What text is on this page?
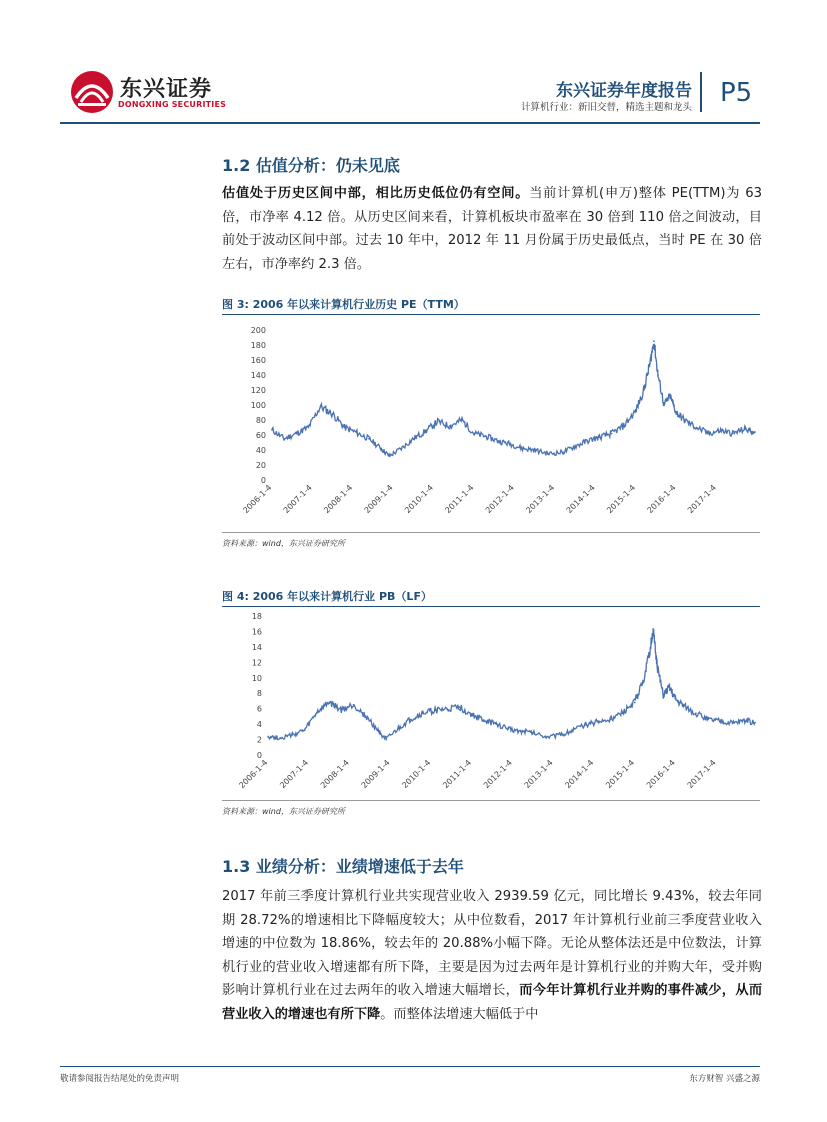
东兴证券
DONGXING SECURITIES
东兴证券年度报告
计算机行业：新旧交替，精选主题和龙头 P5
1.2 估值分析：仍未见底
估值处于历史区间中部，相比历史低位仍有空间。当前计算机(申万)整体 PE(TTM)为 63 倍，市净率 4.12 倍。从历史区间来看，计算机板块市盈率在 30 倍到 110 倍之间波动，目前处于波动区间中部。过去 10 年中，2012 年 11 月份属于历史最低点，当时 PE 在 30 倍左右，市净率约 2.3 倍。
图 3: 2006 年以来计算机行业历史 PE（TTM）
0
20
40
60
80
100
120
140
160
180
200
2006-1-4 2007-1-4 2008-1-4 2009-1-4 2010-1-4 2011-1-4 2012-1-4 2013-1-4 2014-1-4 2015-1-4 2016-1-4 2017-1-4
资料来源：wind，东兴证券研究所
图 4: 2006 年以来计算机行业 PB（LF）
0
2
4
6
8
10
12
14
16
18
2006-1-4 2007-1-4 2008-1-4 2009-1-4 2010-1-4 2011-1-4 2012-1-4 2013-1-4 2014-1-4 2015-1-4 2016-1-4 2017-1-4
资料来源：wind，东兴证券研究所
1.3 业绩分析：业绩增速低于去年
2017 年前三季度计算机行业共实现营业收入 2939.59 亿元，同比增长 9.43%，较去年同期 28.72%的增速相比下降幅度较大；从中位数看，2017 年计算机行业前三季度营业收入增速的中位数为 18.86%，较去年的 20.88%小幅下降。无论从整体法还是中位数法，计算机行业的营业收入增速都有所下降，主要是因为过去两年是计算机行业的并购大年，受并购影响计算机行业在过去两年的收入增速大幅增长，而今年计算机行业并购的事件减少，从而营业收入的增速也有所下降。而整体法增速大幅低于中
敬请参阅报告结尾处的免责声明	东方财智 兴盛之源
